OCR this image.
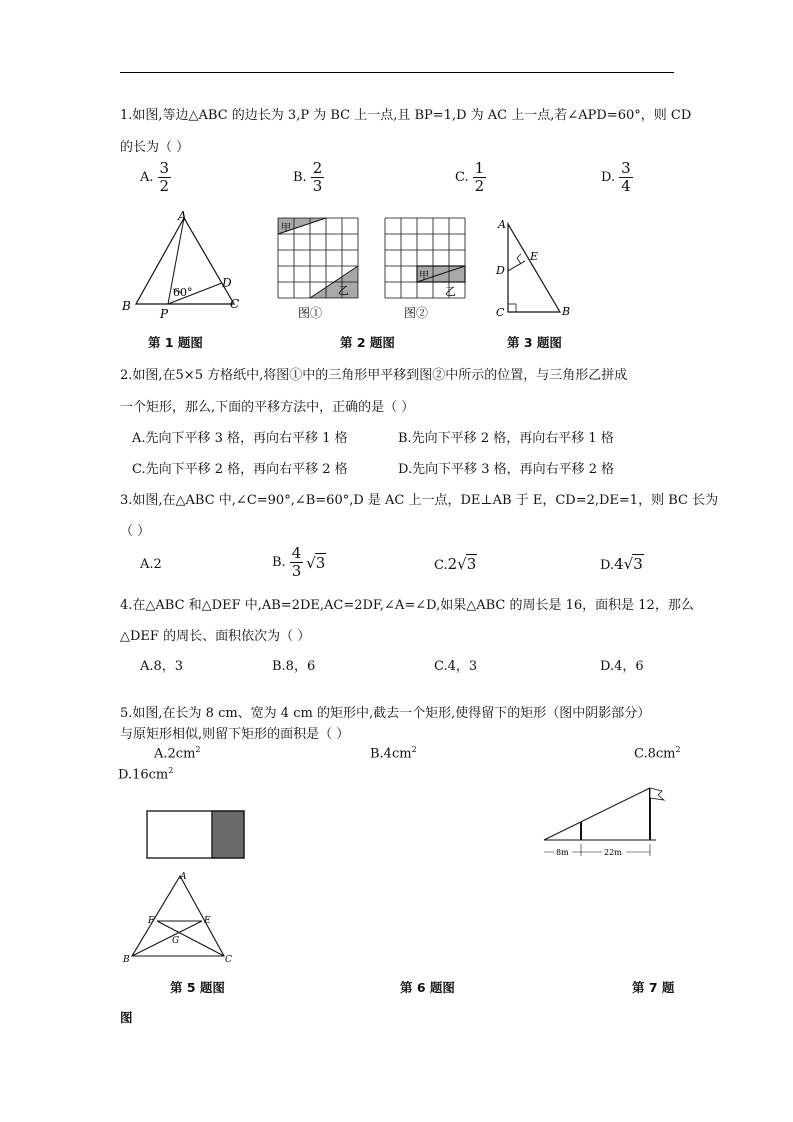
1.如图,等边△ABC 的边长为 3,P 为 BC 上一点,且 BP=1,D 为 AC 上一点,若∠APD=60°，则 CD
的长为（ ）
A. $\frac{3}{2}$	B. $\frac{2}{3}$	C. $\frac{1}{2}$	D. $\frac{3}{4}$
A
B	C
D
P
60°
甲
乙
图①
甲
乙
图②
A
D
E
C	B
第 1 题图	第 2 题图	第 3 题图
2.如图,在5×5 方格纸中,将图①中的三角形甲平移到图②中所示的位置，与三角形乙拼成
一个矩形，那么,下面的平移方法中，正确的是（ ）
A.先向下平移 3 格，再向右平移 1 格	B.先向下平移 2 格，再向右平移 1 格
C.先向下平移 2 格，再向右平移 2 格	D.先向下平移 3 格，再向右平移 2 格
3.如图,在△ABC 中,∠C=90°,∠B=60°,D 是 AC 上一点，DE⊥AB 于 E，CD=2,DE=1，则 BC 长为
（ ）
A.2	B. $\frac{4}{3}$ √ 3	C.2√3	D.4√3
4.在△ABC 和△DEF 中,AB=2DE,AC=2DF,∠A=∠D,如果△ABC 的周长是 16，面积是 12，那么
△DEF 的周长、面积依次为（ ）
A.8，3	B.8，6	C.4，3	D.4，6
5.如图,在长为 8 cm、宽为 4 cm 的矩形中,截去一个矩形,使得留下的矩形（图中阴影部分）
与原矩形相似,则留下矩形的面积是（ ）
$A.2cm^2$	$B.4cm^2$	$C.8cm^2$
$D.16cm^2$
A
F	E
G
B	C
8m	22m
第 5 题图	第 6 题图	第 7 题
图
